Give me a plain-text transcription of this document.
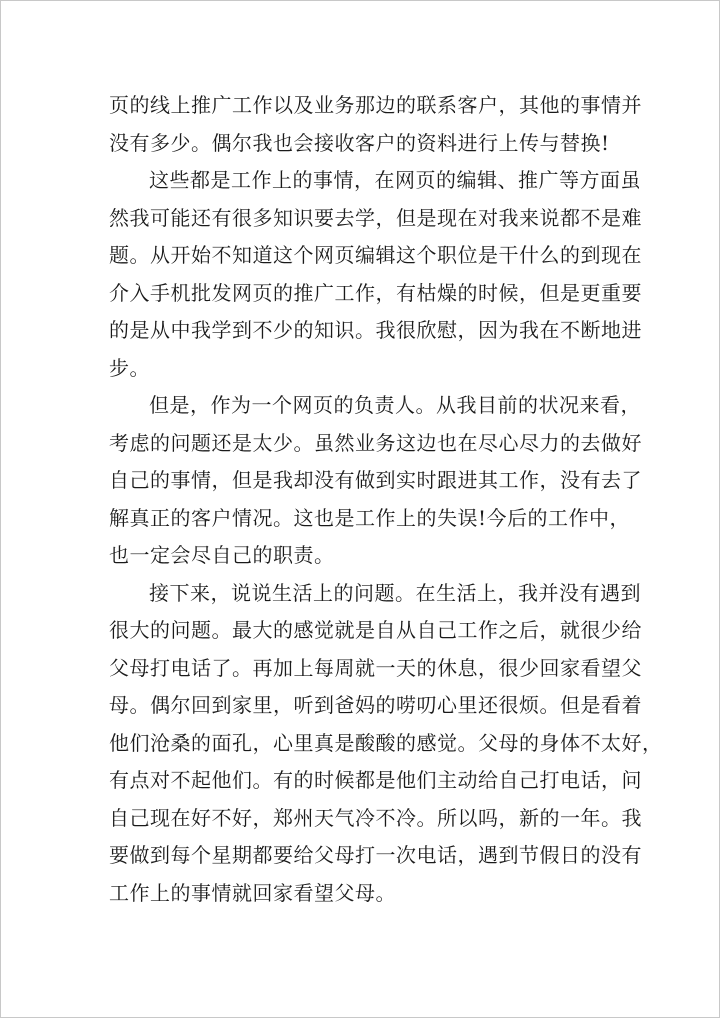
页的线上推广工作以及业务那边的联系客户，其他的事情并
没有多少。偶尔我也会接收客户的资料进行上传与替换!
这些都是工作上的事情，在网页的编辑、推广等方面虽
然我可能还有很多知识要去学，但是现在对我来说都不是难
题。从开始不知道这个网页编辑这个职位是干什么的到现在
介入手机批发网页的推广工作，有枯燥的时候，但是更重要
的是从中我学到不少的知识。我很欣慰，因为我在不断地进
步。
但是，作为一个网页的负责人。从我目前的状况来看，
考虑的问题还是太少。虽然业务这边也在尽心尽力的去做好
自己的事情，但是我却没有做到实时跟进其工作，没有去了
解真正的客户情况。这也是工作上的失误!今后的工作中，
也一定会尽自己的职责。
接下来，说说生活上的问题。在生活上，我并没有遇到
很大的问题。最大的感觉就是自从自己工作之后，就很少给
父母打电话了。再加上每周就一天的休息，很少回家看望父
母。偶尔回到家里，听到爸妈的唠叨心里还很烦。但是看着
他们沧桑的面孔，心里真是酸酸的感觉。父母的身体不太好，
有点对不起他们。有的时候都是他们主动给自己打电话，问
自己现在好不好，郑州天气冷不冷。所以吗，新的一年。我
要做到每个星期都要给父母打一次电话，遇到节假日的没有
工作上的事情就回家看望父母。
